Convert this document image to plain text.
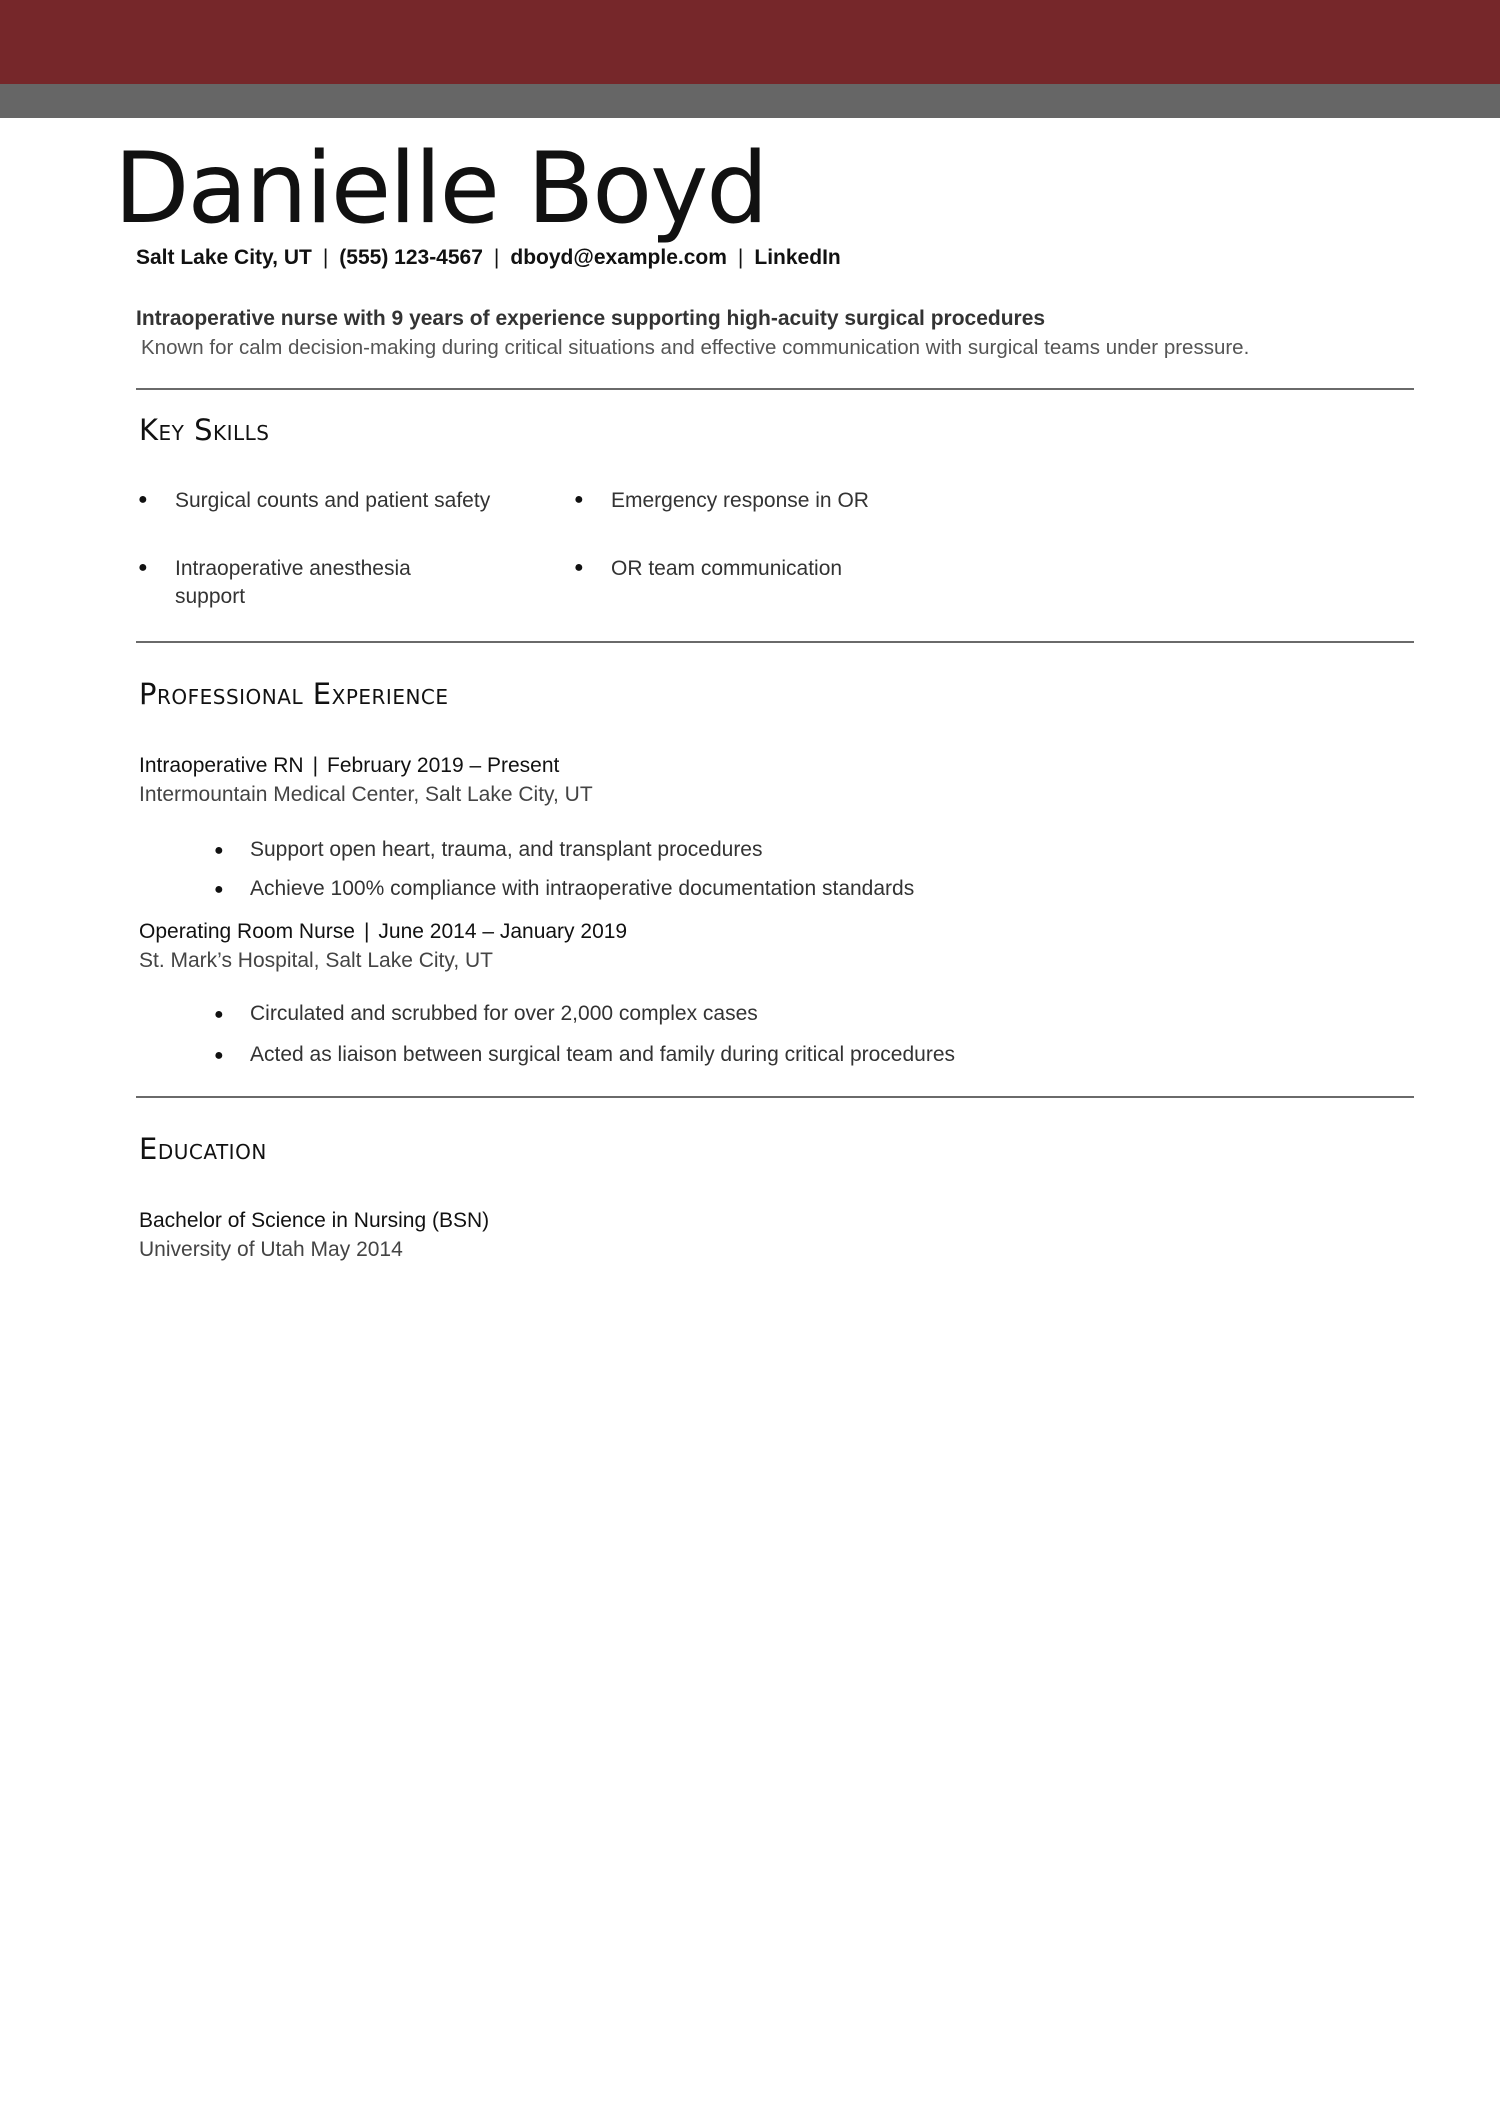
Danielle Boyd
Salt Lake City, UT | (555) 123-4567 | dboyd@example.com | LinkedIn
Intraoperative nurse with 9 years of experience supporting high-acuity surgical procedures
Known for calm decision-making during critical situations and effective communication with surgical teams under pressure.
Key Skills
● Surgical counts and patient safety	● Emergency response in OR
● Intraoperative anesthesia support
● OR team communication
Professional Experience
Intraoperative RN | February 2019 – Present
Intermountain Medical Center, Salt Lake City, UT
● Support open heart, trauma, and transplant procedures
● Achieve 100% compliance with intraoperative documentation standards
Operating Room Nurse | June 2014 – January 2019
St. Mark’s Hospital, Salt Lake City, UT
● Circulated and scrubbed for over 2,000 complex cases
● Acted as liaison between surgical team and family during critical procedures
Education
Bachelor of Science in Nursing (BSN)
University of Utah May 2014
